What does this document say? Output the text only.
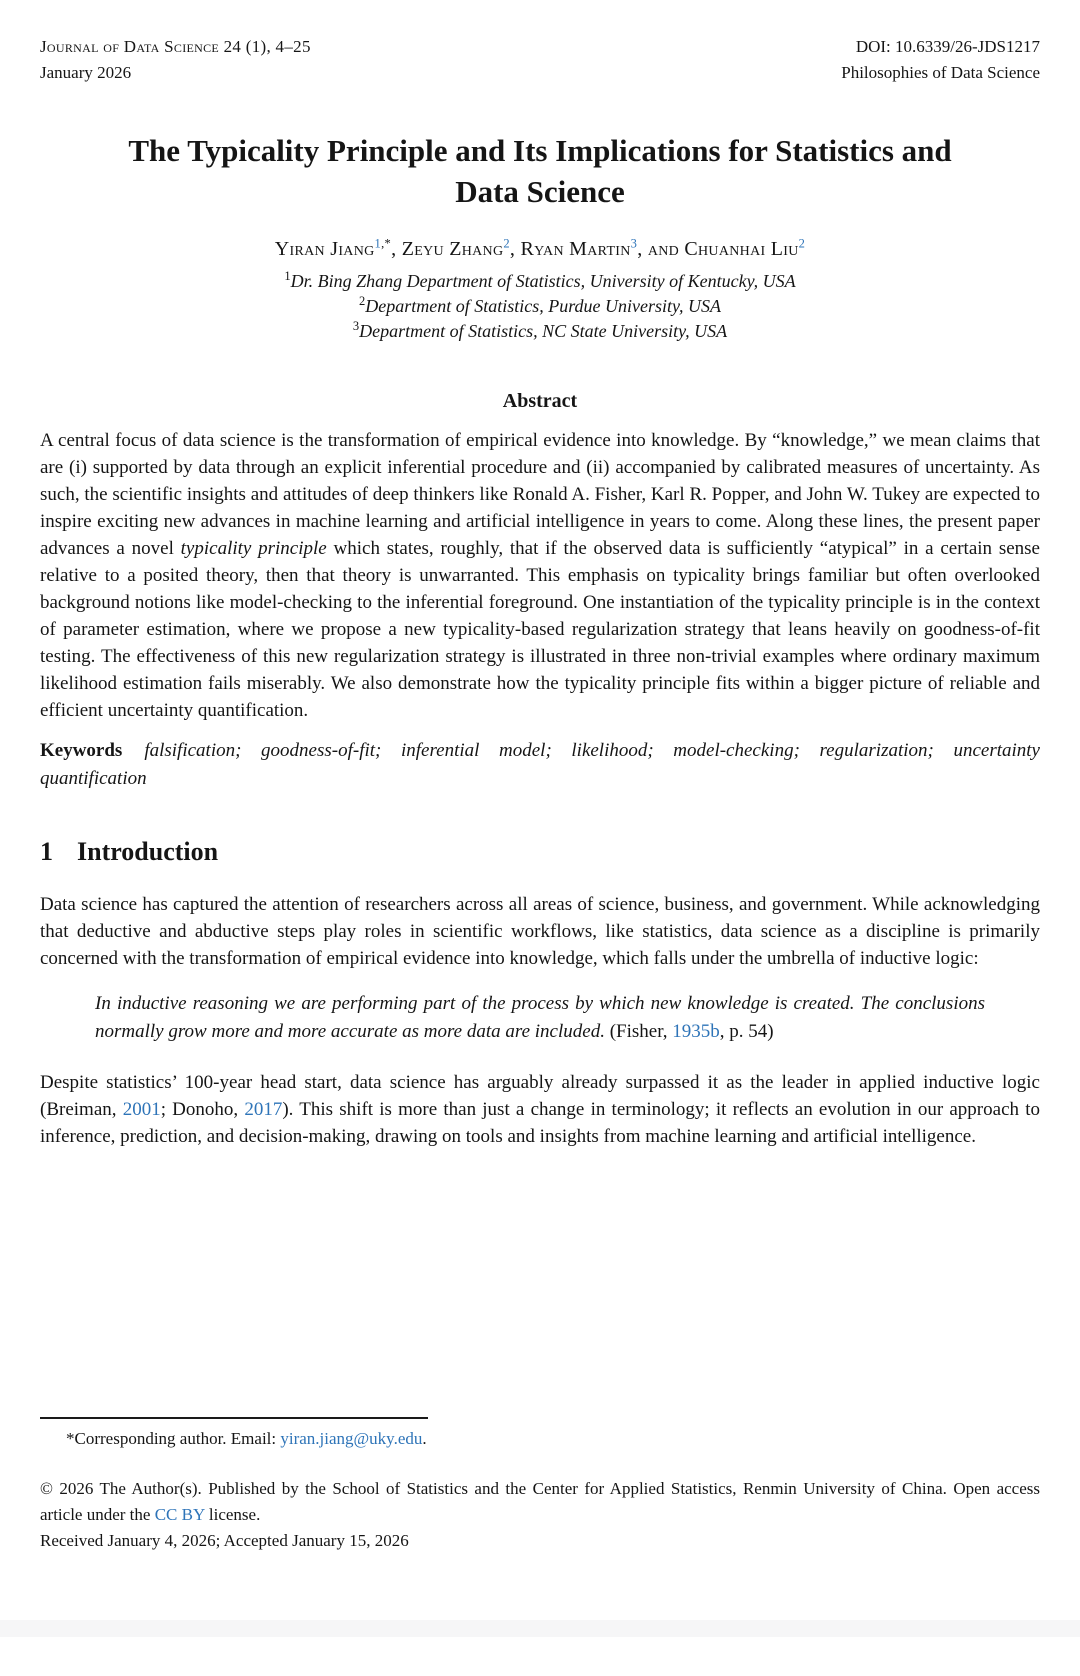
Journal of Data Science 24 (1), 4–25
January 2026
DOI: 10.6339/26-JDS1217
Philosophies of Data Science
The Typicality Principle and Its Implications for Statistics and
Data Science
Yiran Jiang$^{1,*}$, Zeyu Zhang$^2$, Ryan Martin$^3$, and Chuanhai Liu$^2$
$^1$Dr. Bing Zhang Department of Statistics, University of Kentucky, USA
$^2$Department of Statistics, Purdue University, USA
$^3$Department of Statistics, NC State University, USA
Abstract

A central focus of data science is the transformation of empirical evidence into knowledge. By “knowledge,” we mean claims that are (i) supported by data through an explicit inferential procedure and (ii) accompanied by calibrated measures of uncertainty. As such, the scientific insights and attitudes of deep thinkers like Ronald A. Fisher, Karl R. Popper, and John W. Tukey are expected to inspire exciting new advances in machine learning and artificial intelligence in years to come. Along these lines, the present paper advances a novel typicality principle which states, roughly, that if the observed data is sufficiently “atypical” in a certain sense relative to a posited theory, then that theory is unwarranted. This emphasis on typicality brings familiar but often overlooked background notions like model-checking to the inferential foreground. One instantiation of the typicality principle is in the context of parameter estimation, where we propose a new typicality-based regularization strategy that leans heavily on goodness-of-fit testing. The effectiveness of this new regularization strategy is illustrated in three non-trivial examples where ordinary maximum likelihood estimation fails miserably. We also demonstrate how the typicality principle fits within a bigger picture of reliable and efficient uncertainty quantification.

Keywords falsification; goodness-of-fit; inferential model; likelihood; model-checking; regularization; uncertainty quantification

1 Introduction

Data science has captured the attention of researchers across all areas of science, business, and government. While acknowledging that deductive and abductive steps play roles in scientific workflows, like statistics, data science as a discipline is primarily concerned with the transformation of empirical evidence into knowledge, which falls under the umbrella of inductive logic:

In inductive reasoning we are performing part of the process by which new knowledge is created. The conclusions normally grow more and more accurate as more data are included. (Fisher, 1935b, p. 54)

Despite statistics’ 100-year head start, data science has arguably already surpassed it as the leader in applied inductive logic (Breiman, 2001; Donoho, 2017). This shift is more than just a change in terminology; it reflects an evolution in our approach to inference, prediction, and decision-making, drawing on tools and insights from machine learning and artificial intelligence.

*Corresponding author. Email: yiran.jiang@uky.edu.
© 2026 The Author(s). Published by the School of Statistics and the Center for Applied Statistics, Renmin University of China. Open access article under the CC BY license.
Received January 4, 2026; Accepted January 15, 2026
